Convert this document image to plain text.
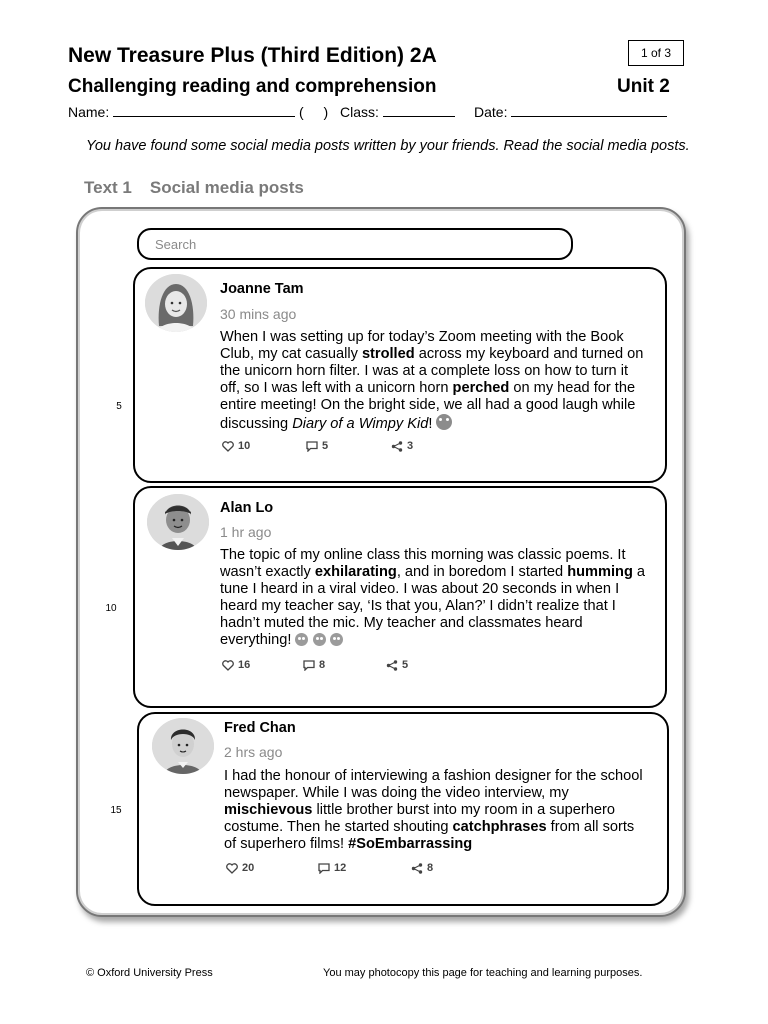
New Treasure Plus (Third Edition) 2A	1 of 3
Challenging reading and comprehension	Unit 2
Name:	( ) Class:	Date:
You have found some social media posts written by your friends. Read the social media posts.
Text 1 Social media posts
Search
5
10
15
Joanne Tam
30 mins ago
When I was setting up for today’s Zoom meeting with the Book Club, my cat casually strolled across my keyboard and turned on the unicorn horn filter. I was at a complete loss on how to turn it off, so I was left with a unicorn horn perched on my head for the entire meeting! On the bright side, we all had a good laugh while discussing Diary of a Wimpy Kid!
10	5	3
Alan Lo
1 hr ago
The topic of my online class this morning was classic poems. It wasn’t exactly exhilarating, and in boredom I started humming a tune I heard in a viral video. I was about 20 seconds in when I heard my teacher say, ‘Is that you, Alan?’ I didn’t realize that I hadn’t muted the mic. My teacher and classmates heard everything!
16	8	5
Fred Chan
2 hrs ago
I had the honour of interviewing a fashion designer for the school newspaper. While I was doing the video interview, my mischievous little brother burst into my room in a superhero costume. Then he started shouting catchphrases from all sorts of superhero films! #SoEmbarrassing
20	12	8
© Oxford University Press	You may photocopy this page for teaching and learning purposes.
